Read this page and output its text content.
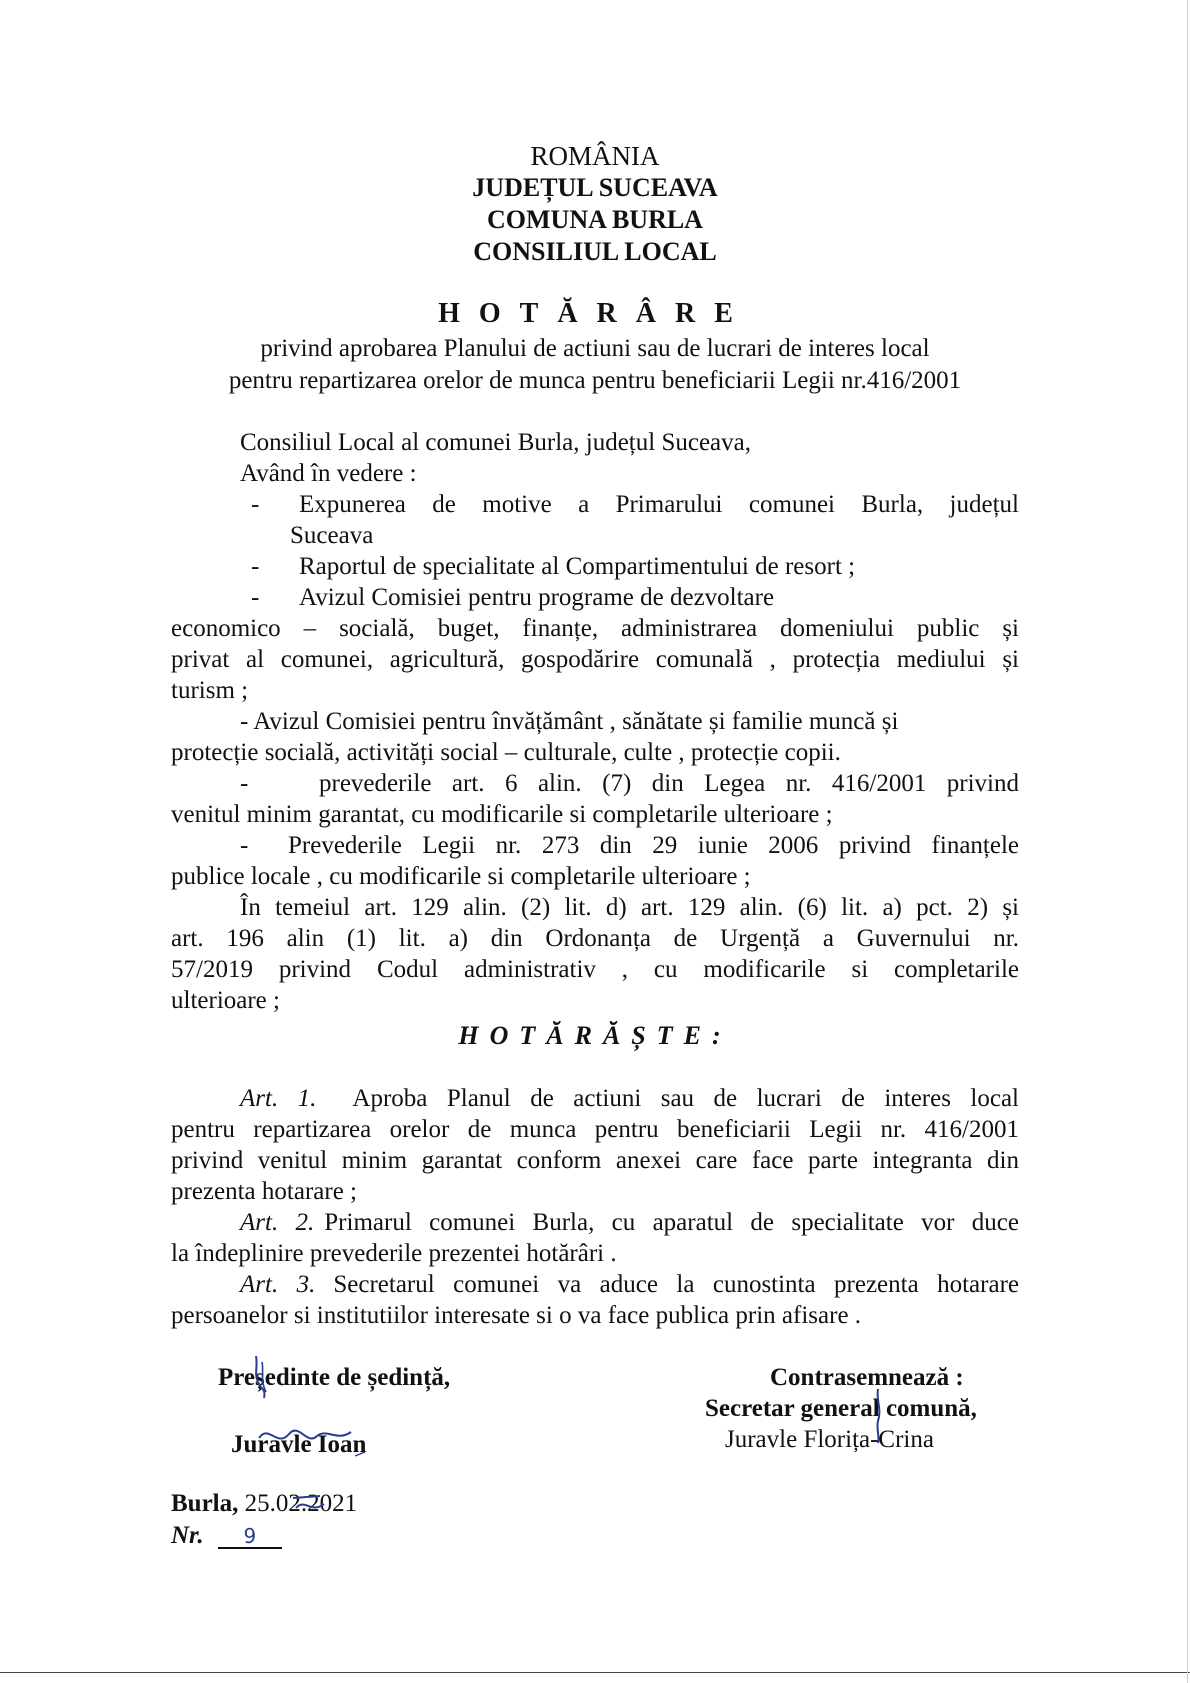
ROMÂNIA
JUDEȚUL SUCEAVA
COMUNA BURLA
CONSILIUL LOCAL
HOTĂRÂRE
privind aprobarea Planului de actiuni sau de lucrari de interes local
pentru repartizarea orelor de munca pentru beneficiarii Legii nr.416/2001
Consiliul Local al comunei Burla, județul Suceava,
Având în vedere :
- Expunerea de motive a Primarului comunei Burla, județul
Suceava
- Raportul de specialitate al Compartimentului de resort ;
- Avizul Comisiei pentru programe de dezvoltare
economico – socială, buget, finanțe, administrarea domeniului public și
privat al comunei, agricultură, gospodărire comunală , protecția mediului și
turism ;
- Avizul Comisiei pentru învățământ , sănătate și familie muncă și
protecție socială, activități social – culturale, culte , protecție copii.
-	prevederile art. 6 alin. (7) din Legea nr. 416/2001 privind
venitul minim garantat, cu modificarile si completarile ulterioare ;
- Prevederile Legii nr. 273 din 29 iunie 2006 privind finanțele
publice locale , cu modificarile si completarile ulterioare ;
În temeiul art. 129 alin. (2) lit. d) art. 129 alin. (6) lit. a) pct. 2) și
art. 196 alin (1) lit. a) din Ordonanța de Urgență a Guvernului nr.
57/2019 privind Codul administrativ , cu modificarile si completarile
ulterioare ;
HOTĂRĂȘTE:
Art. 1. Aproba Planul de actiuni sau de lucrari de interes local
pentru repartizarea orelor de munca pentru beneficiarii Legii nr. 416/2001
privind venitul minim garantat conform anexei care face parte integranta din
prezenta hotarare ;
Art. 2. Primarul comunei Burla, cu aparatul de specialitate vor duce
la îndeplinire prevederile prezentei hotărâri .
Art. 3. Secretarul comunei va aduce la cunostinta prezenta hotarare
persoanelor si institutiilor interesate si o va face publica prin afisare .
Președinte de ședință,
Juravle Ioan
Contrasemnează :
Secretar general comună,
Juravle Florița-Crina
Burla, 25.02.2021
Nr. 9
